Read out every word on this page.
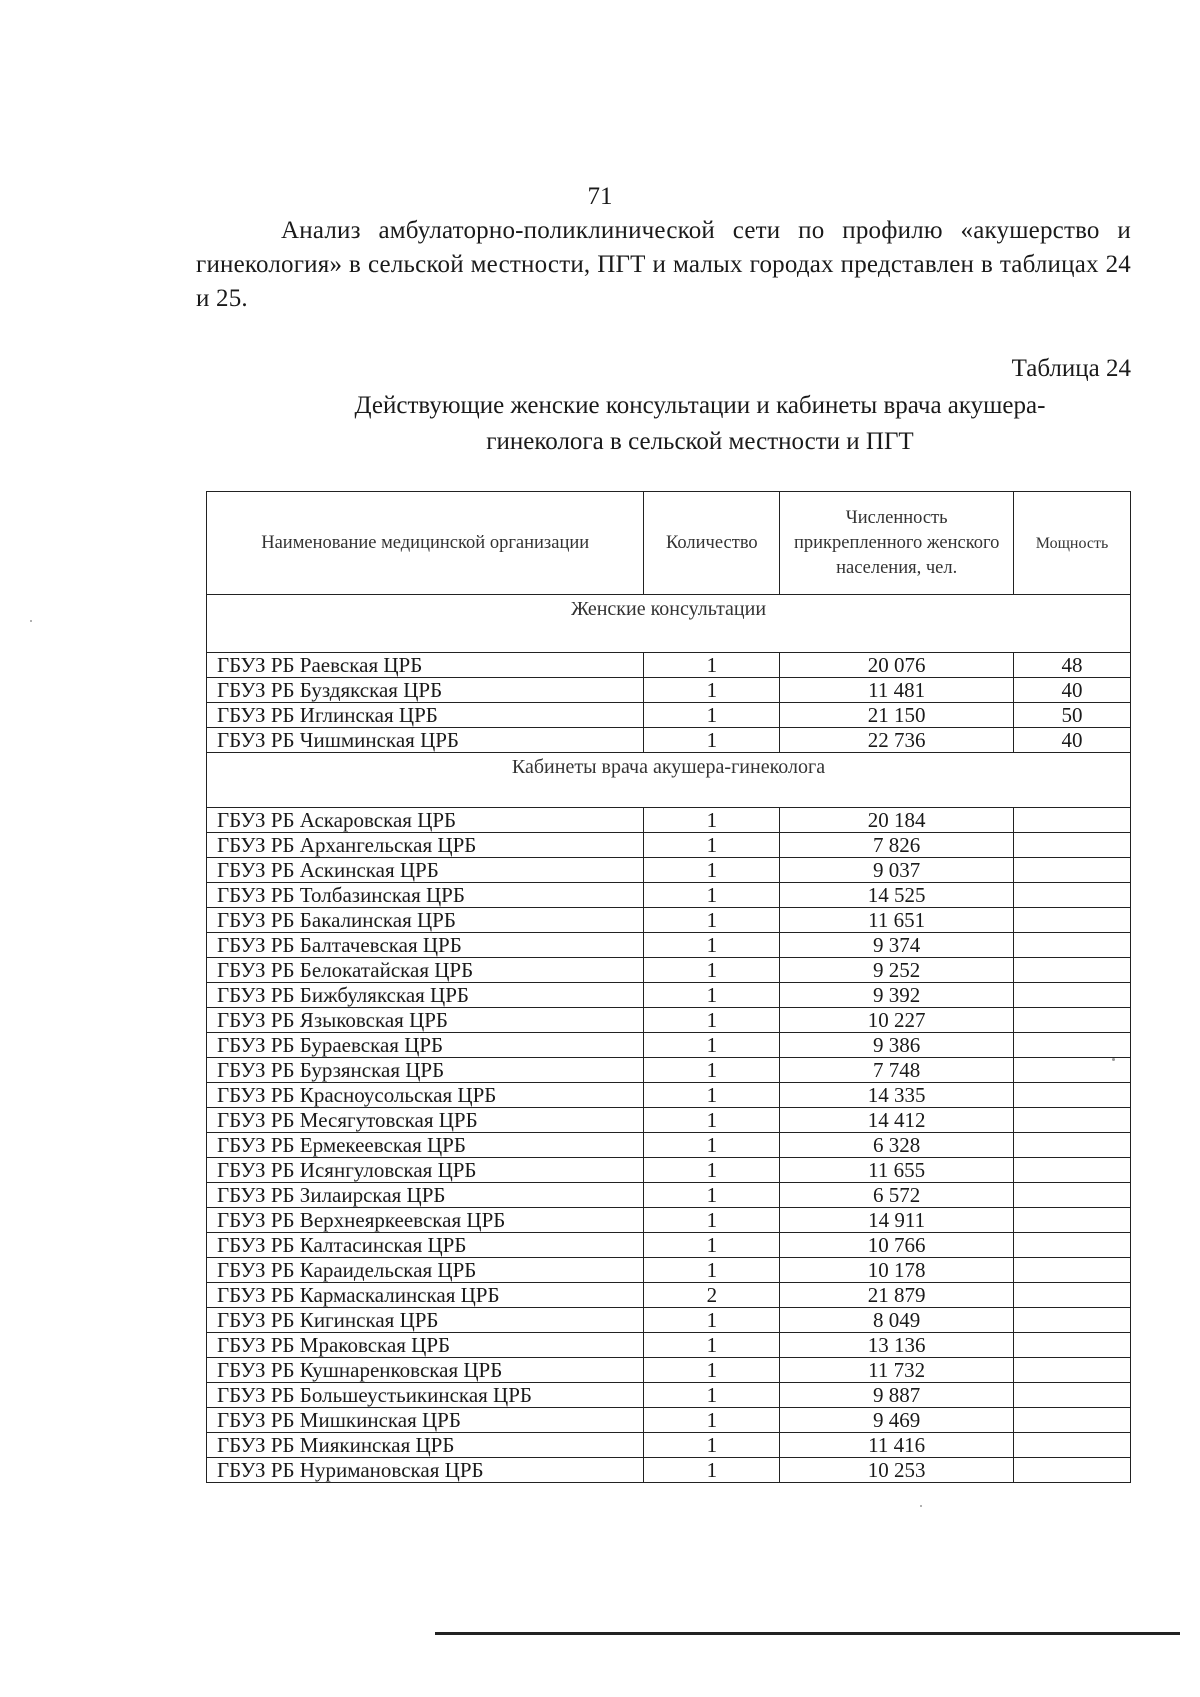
71

Анализ амбулаторно-поликлинической сети по профилю «акушерство и гинекология» в сельской местности, ПГТ и малых городах представлен в таблицах 24 и 25.

Таблица 24
Действующие женские консультации и кабинеты врача акушера-
гинеколога в сельской местности и ПГТ
Наименование медицинской организации	Количество	Численность прикрепленного женского населения, чел.	Мощность
Женские консультации			
ГБУЗ РБ Раевская ЦРБ	1	20 076	48
ГБУЗ РБ Буздякская ЦРБ	1	11 481	40
ГБУЗ РБ Иглинская ЦРБ	1	21 150	50
ГБУЗ РБ Чишминская ЦРБ	1	22 736	40
Кабинеты врача акушера-гинеколога			
ГБУЗ РБ Аскаровская ЦРБ	1	20 184	
ГБУЗ РБ Архангельская ЦРБ	1	7 826	
ГБУЗ РБ Аскинская ЦРБ	1	9 037	
ГБУЗ РБ Толбазинская ЦРБ	1	14 525	
ГБУЗ РБ Бакалинская ЦРБ	1	11 651	
ГБУЗ РБ Балтачевская ЦРБ	1	9 374	
ГБУЗ РБ Белокатайская ЦРБ	1	9 252	
ГБУЗ РБ Бижбулякская ЦРБ	1	9 392	
ГБУЗ РБ Языковская ЦРБ	1	10 227	
ГБУЗ РБ Бураевская ЦРБ	1	9 386	
ГБУЗ РБ Бурзянская ЦРБ	1	7 748	
ГБУЗ РБ Красноусольская ЦРБ	1	14 335	
ГБУЗ РБ Месягутовская ЦРБ	1	14 412	
ГБУЗ РБ Ермекеевская ЦРБ	1	6 328	
ГБУЗ РБ Исянгуловская ЦРБ	1	11 655	
ГБУЗ РБ Зилаирская ЦРБ	1	6 572	
ГБУЗ РБ Верхнеяркеевская ЦРБ	1	14 911	
ГБУЗ РБ Калтасинская ЦРБ	1	10 766	
ГБУЗ РБ Караидельская ЦРБ	1	10 178	
ГБУЗ РБ Кармаскалинская ЦРБ	2	21 879	
ГБУЗ РБ Кигинская ЦРБ	1	8 049	
ГБУЗ РБ Мраковская ЦРБ	1	13 136	
ГБУЗ РБ Кушнаренковская ЦРБ	1	11 732	
ГБУЗ РБ Большеустьикинская ЦРБ	1	9 887	
ГБУЗ РБ Мишкинская ЦРБ	1	9 469	
ГБУЗ РБ Миякинская ЦРБ	1	11 416	
ГБУЗ РБ Нуримановская ЦРБ	1	10 253	
